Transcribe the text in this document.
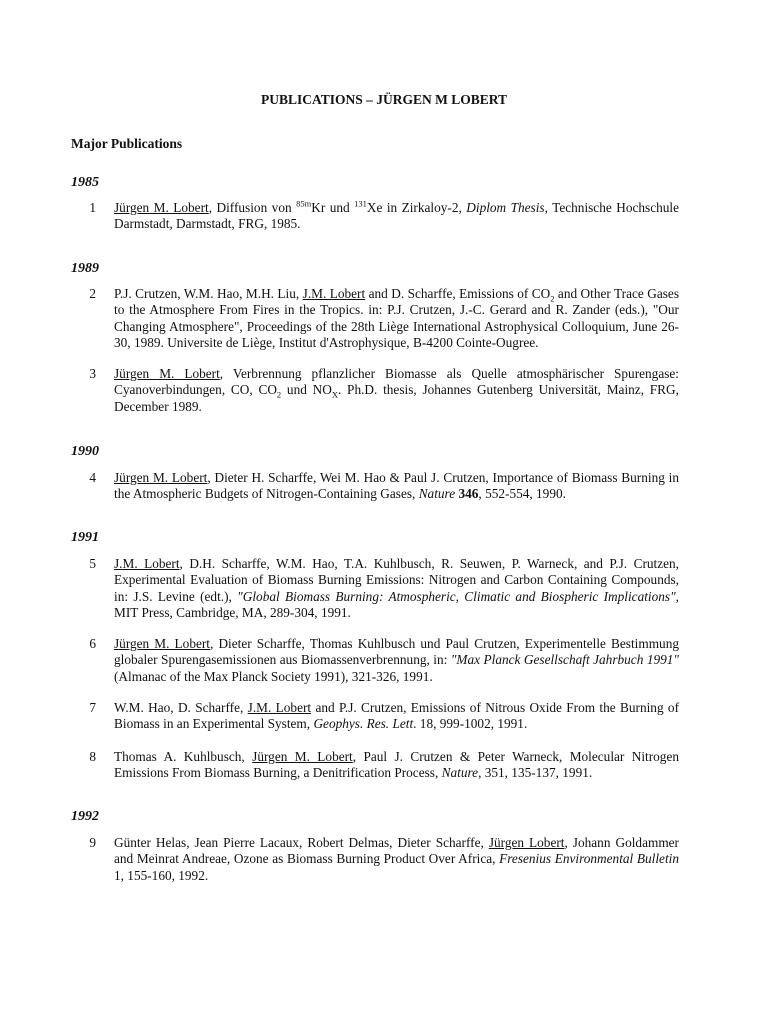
PUBLICATIONS – JÜRGEN M LOBERT
Major Publications
1985
1 Jürgen M. Lobert, Diffusion von $^{85m}$Kr und $^{131}$Xe in Zirkaloy-2, Diplom Thesis, Technische Hochschule Darmstadt, Darmstadt, FRG, 1985.
1989
2 P.J. Crutzen, W.M. Hao, M.H. Liu, J.M. Lobert and D. Scharffe, Emissions of $CO_2$ and Other Trace Gases to the Atmosphere From Fires in the Tropics. in: P.J. Crutzen, J.-C. Gerard and R. Zander (eds.), "Our Changing Atmosphere", Proceedings of the 28th Liège International Astrophysical Colloquium, June 26-30, 1989. Universite de Liège, Institut d'Astrophysique, B-4200 Cointe-Ougree.
3 Jürgen M. Lobert, Verbrennung pflanzlicher Biomasse als Quelle atmosphärischer Spurengase: Cyanoverbindungen, CO, $CO_2$ und $NO_X$. Ph.D. thesis, Johannes Gutenberg Universität, Mainz, FRG, December 1989.
1990
4 Jürgen M. Lobert, Dieter H. Scharffe, Wei M. Hao & Paul J. Crutzen, Importance of Biomass Burning in the Atmospheric Budgets of Nitrogen-Containing Gases, Nature 346, 552-554, 1990.
1991
5 J.M. Lobert, D.H. Scharffe, W.M. Hao, T.A. Kuhlbusch, R. Seuwen, P. Warneck, and P.J. Crutzen, Experimental Evaluation of Biomass Burning Emissions: Nitrogen and Carbon Containing Compounds, in: J.S. Levine (edt.), "Global Biomass Burning: Atmospheric, Climatic and Biospheric Implications", MIT Press, Cambridge, MA, 289-304, 1991.
6 Jürgen M. Lobert, Dieter Scharffe, Thomas Kuhlbusch und Paul Crutzen, Experimentelle Bestimmung globaler Spurengasemissionen aus Biomassenverbrennung, in: "Max Planck Gesellschaft Jahrbuch 1991" (Almanac of the Max Planck Society 1991), 321-326, 1991.
7 W.M. Hao, D. Scharffe, J.M. Lobert and P.J. Crutzen, Emissions of Nitrous Oxide From the Burning of Biomass in an Experimental System, Geophys. Res. Lett. 18, 999-1002, 1991.
8 Thomas A. Kuhlbusch, Jürgen M. Lobert, Paul J. Crutzen & Peter Warneck, Molecular Nitrogen Emissions From Biomass Burning, a Denitrification Process, Nature, 351, 135-137, 1991.
1992
9 Günter Helas, Jean Pierre Lacaux, Robert Delmas, Dieter Scharffe, Jürgen Lobert, Johann Goldammer and Meinrat Andreae, Ozone as Biomass Burning Product Over Africa, Fresenius Environmental Bulletin 1, 155-160, 1992.
